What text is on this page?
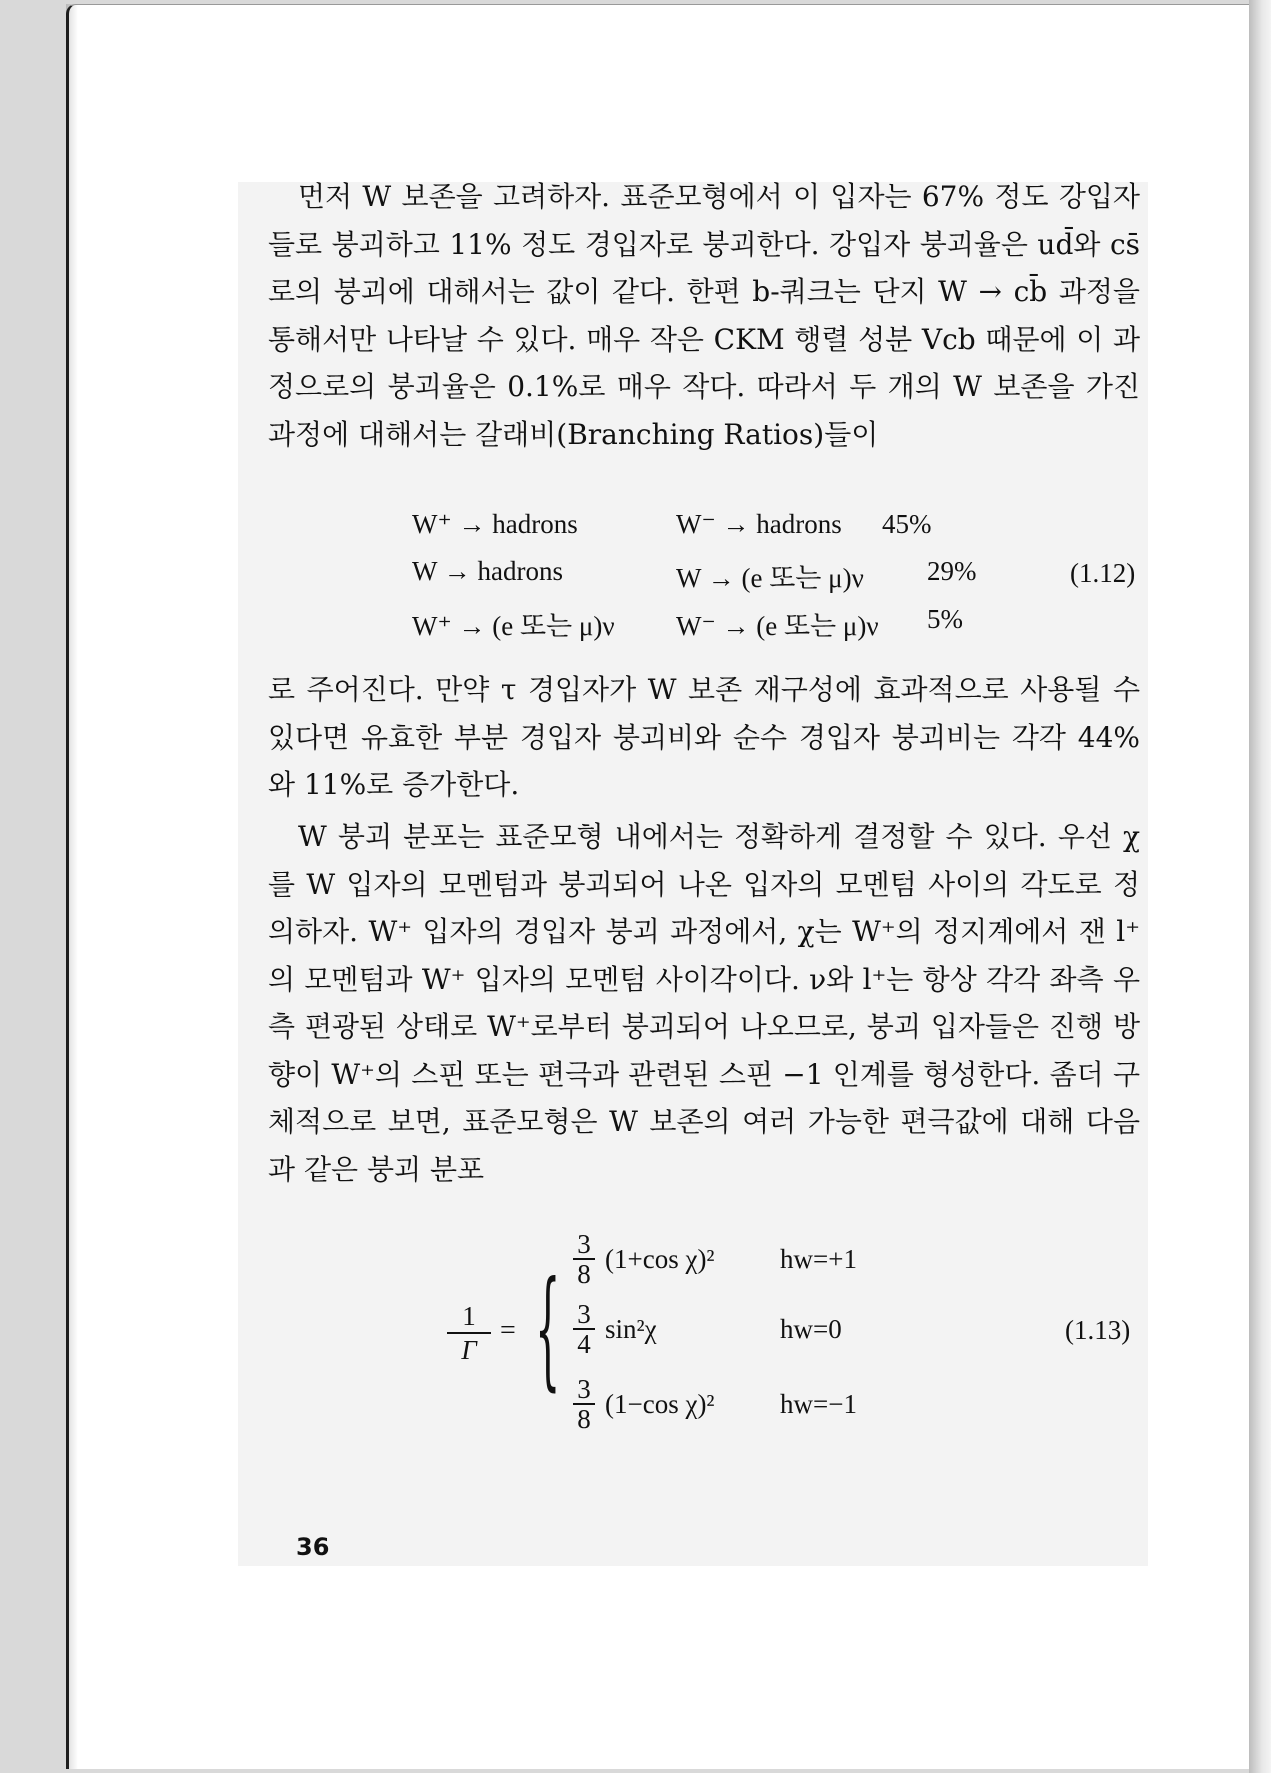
먼저 W 보존을 고려하자. 표준모형에서 이 입자는 67% 정도 강입자들로 붕괴하고 11% 정도 경입자로 붕괴한다. 강입자 붕괴율은 ud̄와 cs̄로의 붕괴에 대해서는 값이 같다. 한편 b-쿼크는 단지 W → cb̄ 과정을 통해서만 나타날 수 있다. 매우 작은 CKM 행렬 성분 Vcb 때문에 이 과정으로의 붕괴율은 0.1%로 매우 작다. 따라서 두 개의 W 보존을 가진 과정에 대해서는 갈래비(Branching Ratios)들이

W⁺ → hadrons	W⁻ → hadrons 45%
W → hadrons	W → (e 또는 μ)ν 29%
W⁺ → (e 또는 μ)ν W⁻ → (e 또는 μ)ν 5%
(1.12)

로 주어진다. 만약 τ 경입자가 W 보존 재구성에 효과적으로 사용될 수 있다면 유효한 부분 경입자 붕괴비와 순수 경입자 붕괴비는 각각 44%와 11%로 증가한다.

W 붕괴 분포는 표준모형 내에서는 정확하게 결정할 수 있다. 우선 χ를 W 입자의 모멘텀과 붕괴되어 나온 입자의 모멘텀 사이의 각도로 정의하자. W⁺ 입자의 경입자 붕괴 과정에서, χ는 W⁺의 정지계에서 잰 l⁺의 모멘텀과 W⁺ 입자의 모멘텀 사이각이다. ν와 l⁺는 항상 각각 좌측 우측 편광된 상태로 W⁺로부터 붕괴되어 나오므로, 붕괴 입자들은 진행 방향이 W⁺의 스핀 또는 편극과 관련된 스핀 −1 인계를 형성한다. 좀더 구체적으로 보면, 표준모형은 W 보존의 여러 가능한 편극값에 대해 다음과 같은 붕괴 분포

$\frac{1}{\Gamma}$ = { $\frac{3}{8} (1+\cos$ χ)² hw=+1
$\frac{3}{4} \sin^2\chi$	hw=0
$\frac{3}{8} (1-\cos$ χ)² hw=−1
(1.13)
36
